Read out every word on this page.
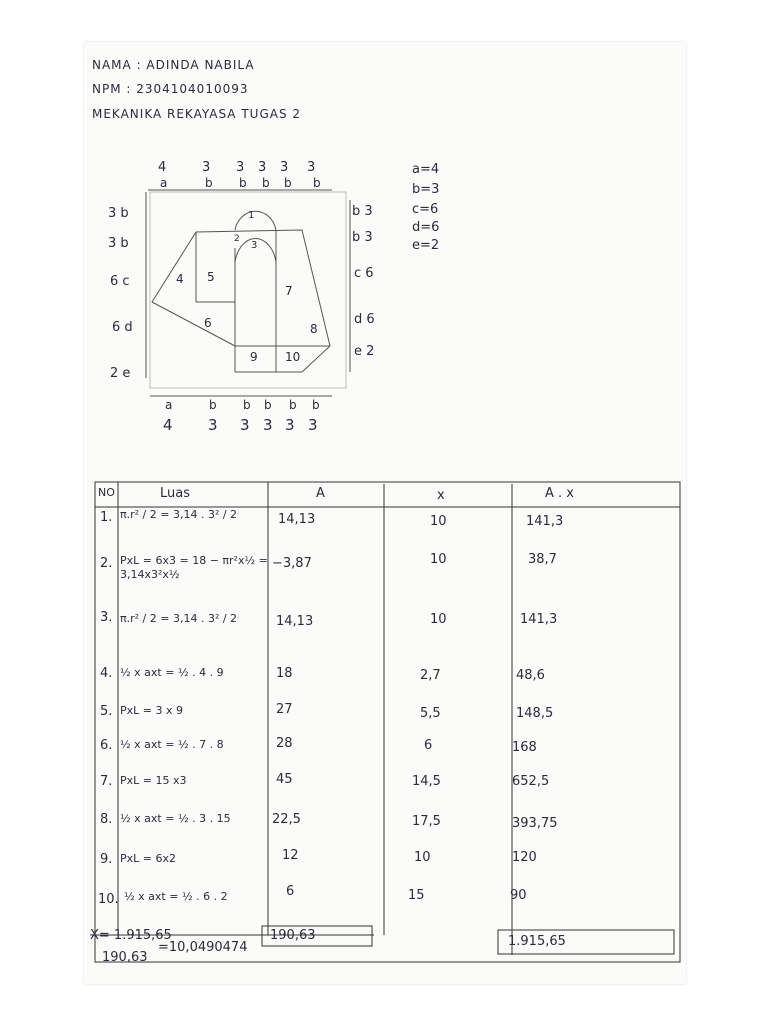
NAMA : ADINDA NABILA
NPM : 2304104010093
MEKANIKA REKAYASA TUGAS 2
4
a
3
b
3
b
3
b
3
b
3
b
a
4
b
3
b
3
b
3
b
3
b
3
3 b
3 b
6 c
6 d
2 e
b 3
b 3
c 6
d 6
e 2
1
2
3
4 5
6
7
8
9 10
a=4
b=3
c=6
d=6
e=2
NO	Luas	A	x	A . x
1. π.r² / 2 = 3,14 . 3² / 2	14,13	10	141,3
2. PxL = 6x3 = 18 − πr²x½ = 3,14x3²x½
−3,87	10	38,7
3. π.r² / 2 = 3,14 . 3² / 2	14,13	10	141,3
4. ½ x axt = ½ . 4 . 9	18	2,7	48,6
5. PxL = 3 x 9	27	5,5	148,5
6. ½ x axt = ½ . 7 . 8	28	6	168
7. PxL = 15 x3	45	14,5	652,5
8. ½ x axt = ½ . 3 . 15	22,5	17,5	393,75
9. PxL = 6x2	12	10	120
10. ½ x axt = ½ . 6 . 2	6	15	90
190,63	1.915,65
X= 1.915,65
190,63
=10,0490474
